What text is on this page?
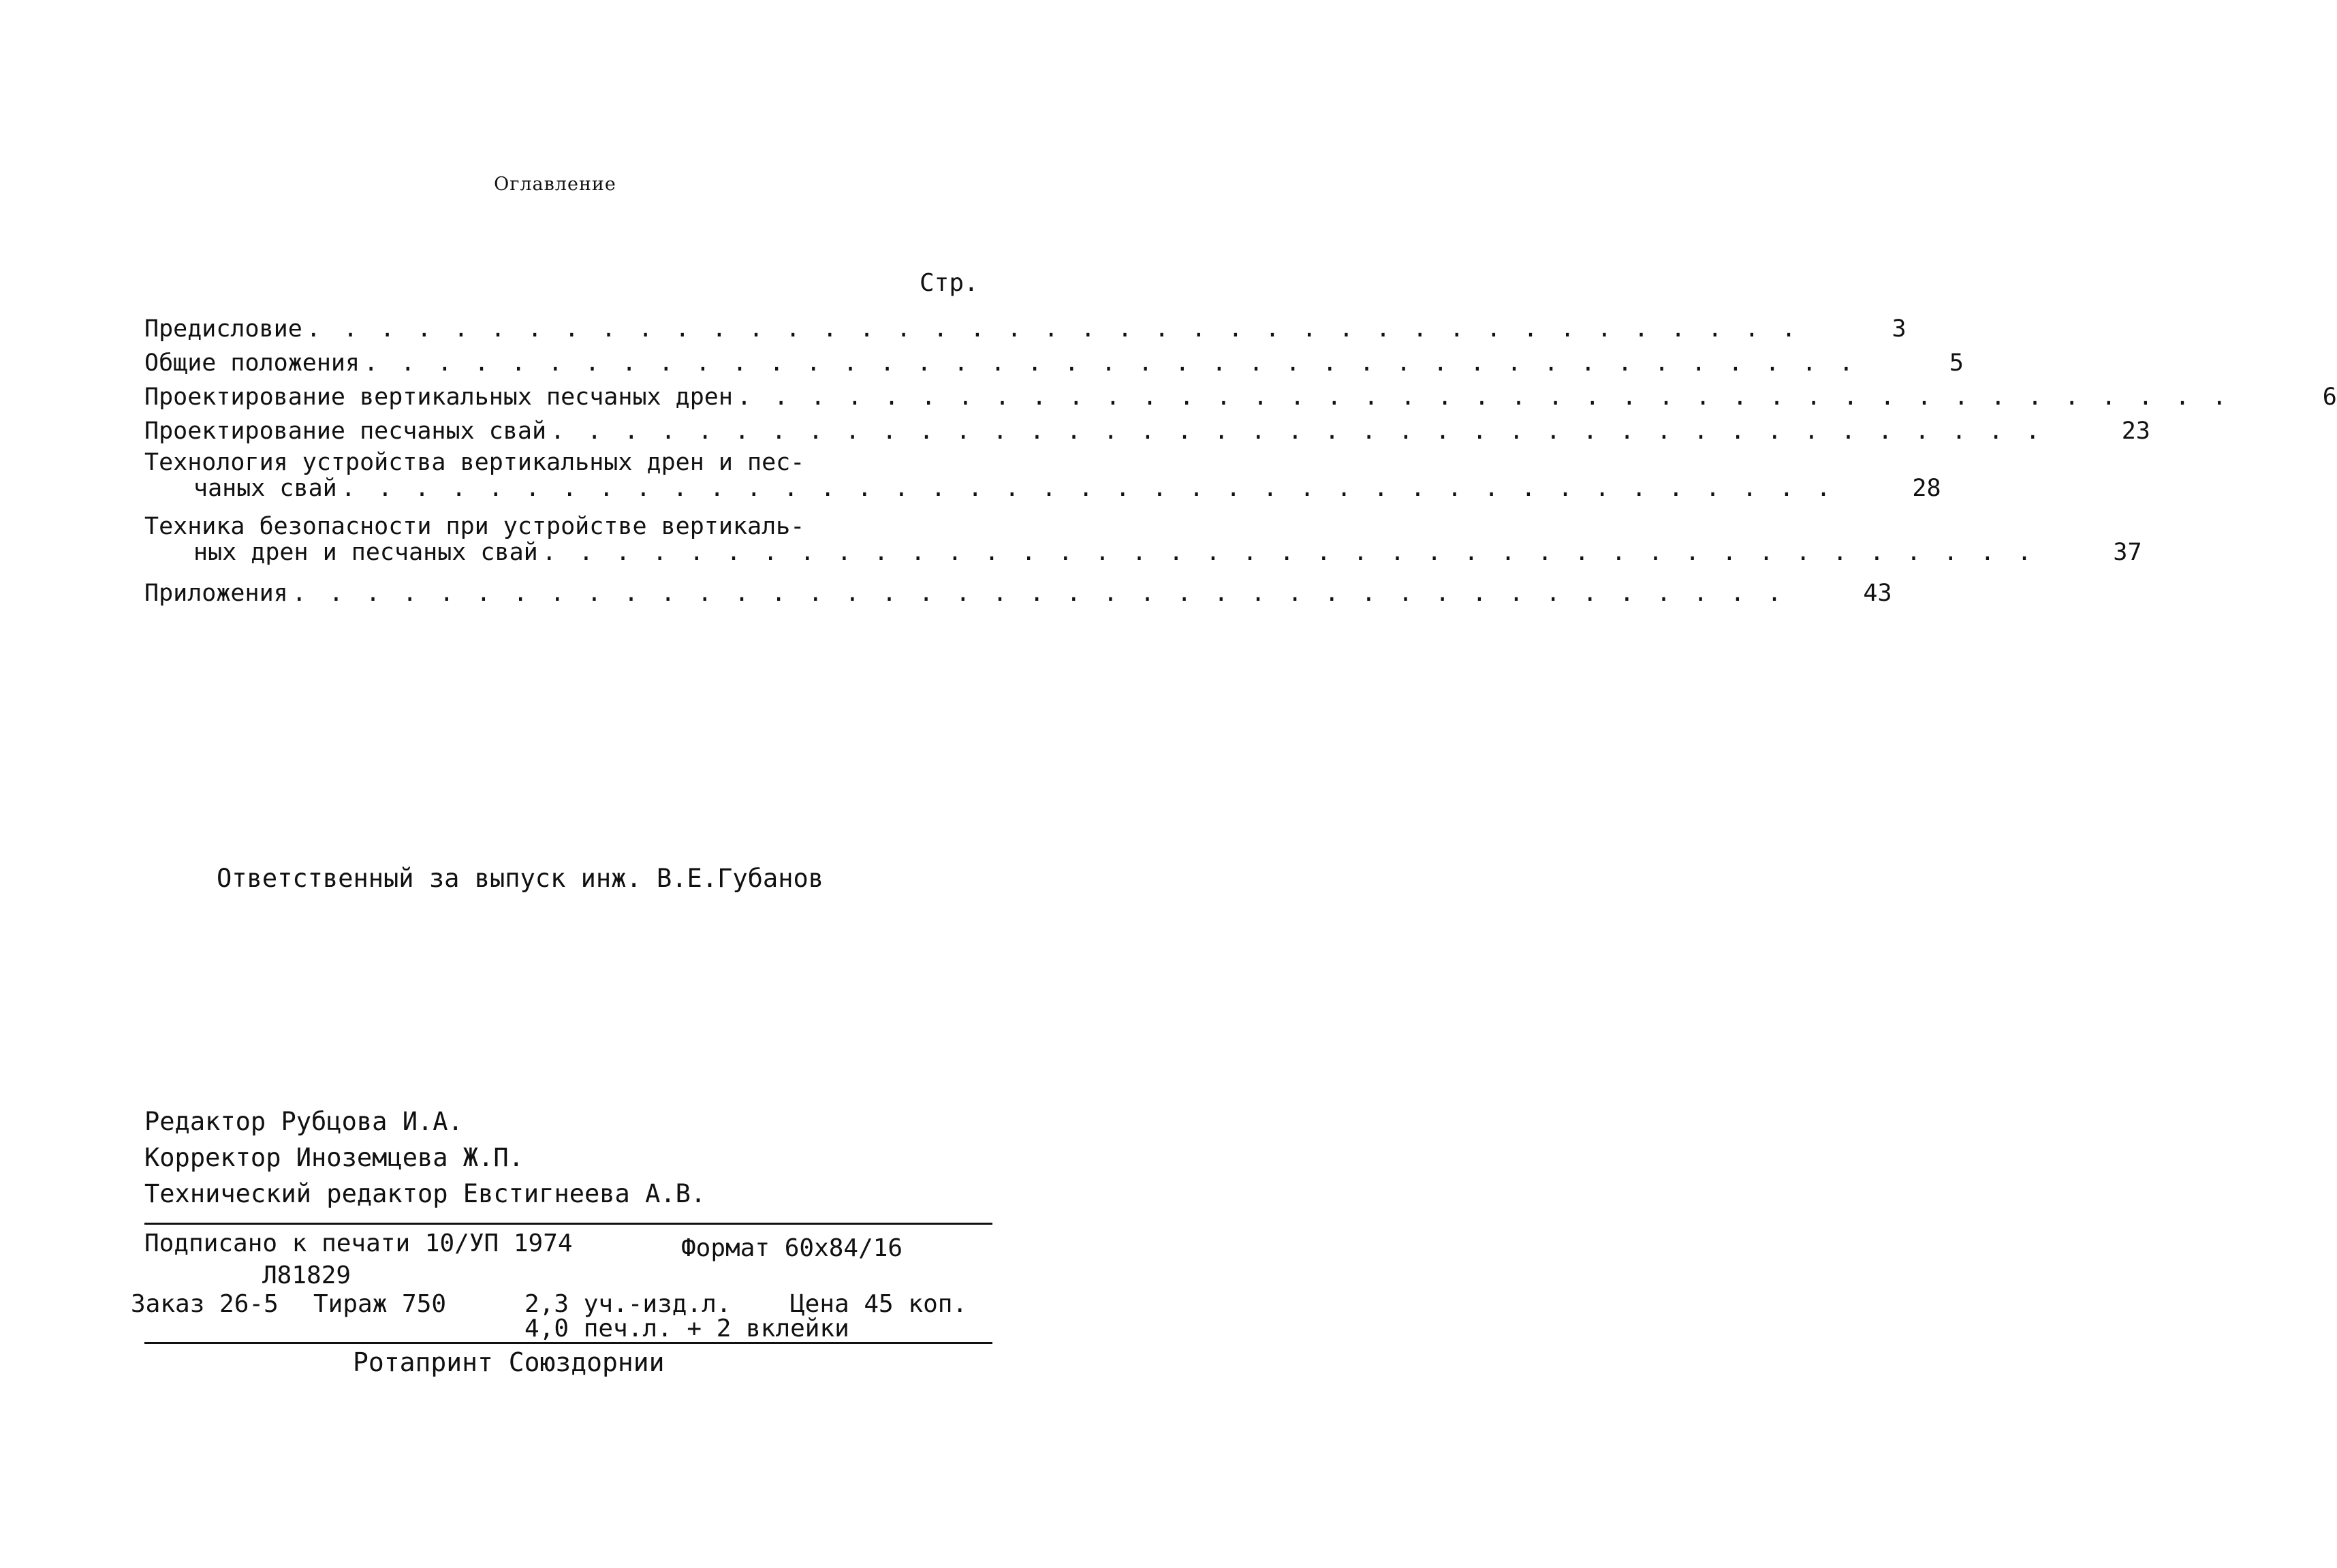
Оглавление
Стр.
Предисловие . . . . . . . . . . . . . . . . . . . . . . . . . . . . . . . . . . . . . . . . .	3
Общие положения . . . . . . . . . . . . . . . . . . . . . . . . . . . . . . . . . . . . . . . . .	5
Проектирование вертикальных песчаных дрен . . . . . . . . . . . . . . . . . . . . . . . . . . . . . . . . . . . . . . . . .	6
Проектирование песчаных свай . . . . . . . . . . . . . . . . . . . . . . . . . . . . . . . . . . . . . . . . .	23
Технология устройства вертикальных дрен и пес-
чаных свай . . . . . . . . . . . . . . . . . . . . . . . . . . . . . . . . . . . . . . . . .	28
Техника безопасности при устройстве вертикаль-
ных дрен и песчаных свай . . . . . . . . . . . . . . . . . . . . . . . . . . . . . . . . . . . . . . . . .	37
Приложения . . . . . . . . . . . . . . . . . . . . . . . . . . . . . . . . . . . . . . . . .	43
Ответственный за выпуск инж. В.Е.Губанов
Редактор Рубцова И.А.
Корректор Иноземцева Ж.П.
Технический редактор Евстигнеева А.В.
Подписано к печати 10/УП 1974	Формат 60х84/16
Л81829
Заказ 26-5 Тираж 750	2,3 уч.-изд.л. Цена 45 коп.
4,0 печ.л. + 2 вклейки
Ротапринт Союздорнии
